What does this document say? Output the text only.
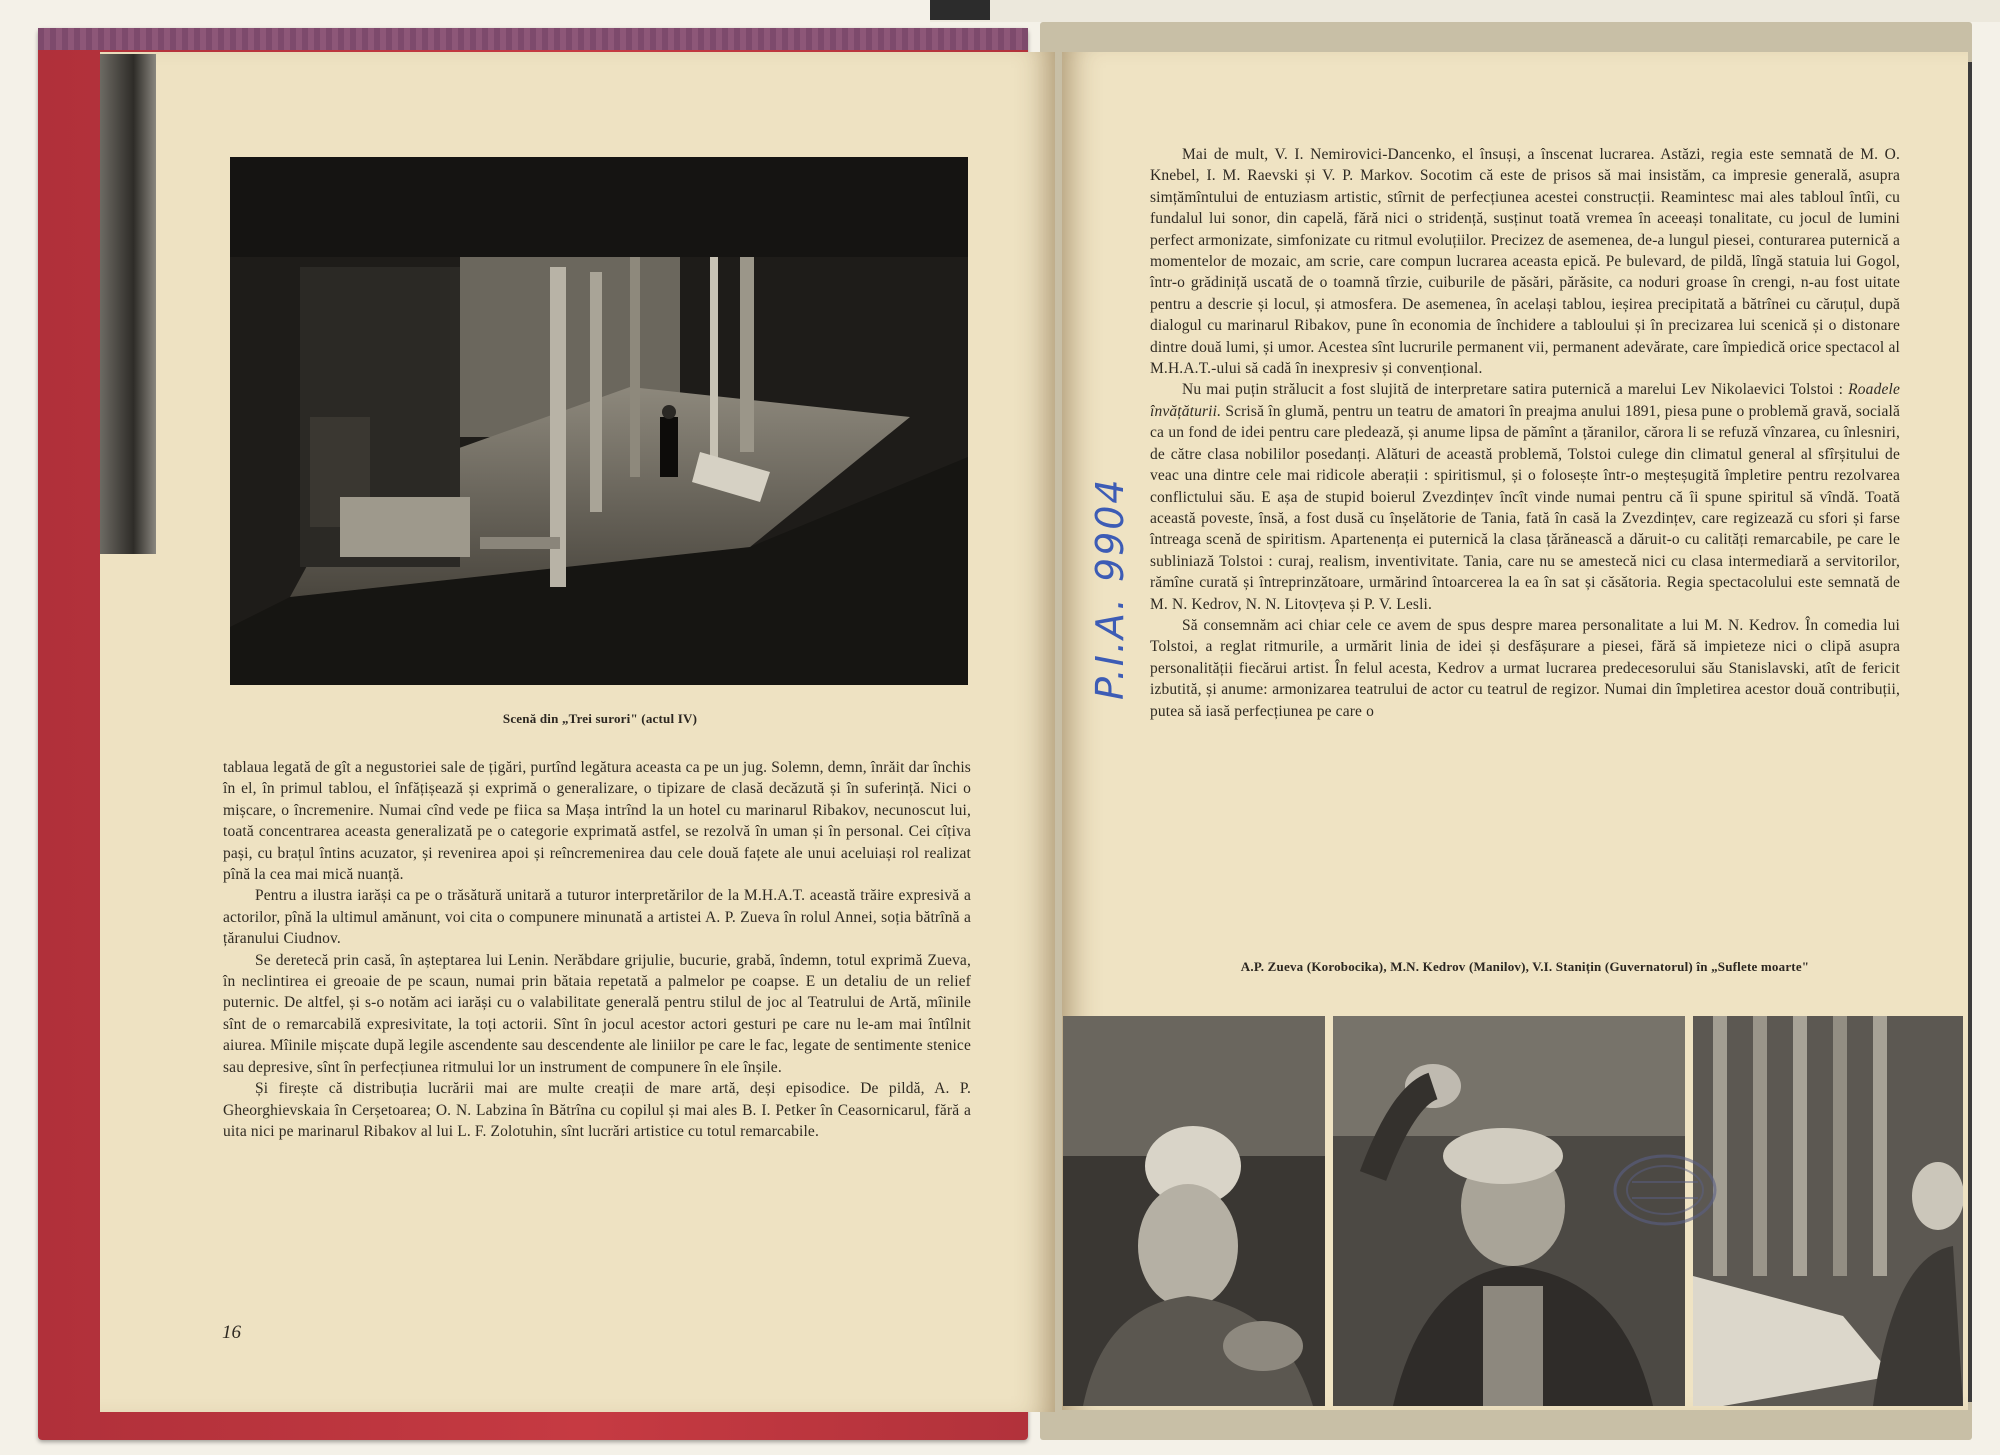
Scenă din „Trei surori" (actul IV)

tablaua legată de gît a negustoriei sale de țigări, purtînd legătura aceasta ca pe un jug. Solemn, demn, înrăit dar închis în el, în primul tablou, el înfățișează și exprimă o generalizare, o tipizare de clasă decăzută și în suferință. Nici o mișcare, o încremenire. Numai cînd vede pe fiica sa Mașa intrînd la un hotel cu marinarul Ribakov, necunoscut lui, toată concentrarea aceasta generalizată pe o categorie exprimată astfel, se rezolvă în uman și în personal. Cei cîțiva pași, cu brațul întins acuzator, și revenirea apoi și reîncremenirea dau cele două fațete ale unui aceluiași rol realizat pînă la cea mai mică nuanță.

Pentru a ilustra iarăși ca pe o trăsătură unitară a tuturor interpretărilor de la M.H.A.T. această trăire expresivă a actorilor, pînă la ultimul amănunt, voi cita o compunere minunată a artistei A. P. Zueva în rolul Annei, soția bătrînă a țăranului Ciudnov.

Se deretecă prin casă, în așteptarea lui Lenin. Nerăbdare grijulie, bucurie, grabă, îndemn, totul exprimă Zueva, în neclintirea ei greoaie de pe scaun, numai prin bătaia repetată a palmelor pe coapse. E un detaliu de un relief puternic. De altfel, și s-o notăm aci iarăși cu o valabilitate generală pentru stilul de joc al Teatrului de Artă, mîinile sînt de o remarcabilă expresivitate, la toți actorii. Sînt în jocul acestor actori gesturi pe care nu le-am mai întîlnit aiurea. Mîinile mișcate după legile ascendente sau descendente ale liniilor pe care le fac, legate de sentimente stenice sau depresive, sînt în perfecțiunea ritmului lor un instrument de compunere în ele înșile.

Și firește că distribuția lucrării mai are multe creații de mare artă, deși episodice. De pildă, A. P. Gheorghievskaia în Cerșetoarea; O. N. Labzina în Bătrîna cu copilul și mai ales B. I. Petker în Ceasornicarul, fără a uita nici pe marinarul Ribakov al lui L. F. Zolotuhin, sînt lucrări artistice cu totul remarcabile.

16

Mai de mult, V. I. Nemirovici-Dancenko, el însuși, a înscenat lucrarea. Astăzi, regia este semnată de M. O. Knebel, I. M. Raevski și V. P. Markov. Socotim că este de prisos să mai insistăm, ca impresie generală, asupra simțămîntului de entuziasm artistic, stîrnit de perfecțiunea acestei construcții. Reamintesc mai ales tabloul întîi, cu fundalul lui sonor, din capelă, fără nici o stridență, susținut toată vremea în aceeași tonalitate, cu jocul de lumini perfect armonizate, simfonizate cu ritmul evoluțiilor. Precizez de asemenea, de-a lungul piesei, conturarea puternică a momentelor de mozaic, am scrie, care compun lucrarea aceasta epică. Pe bulevard, de pildă, lîngă statuia lui Gogol, într-o grădiniță uscată de o toamnă tîrzie, cuiburile de păsări, părăsite, ca noduri groase în crengi, n-au fost uitate pentru a descrie și locul, și atmosfera. De asemenea, în același tablou, ieșirea precipitată a bătrînei cu căruțul, după dialogul cu marinarul Ribakov, pune în economia de închidere a tabloului și în precizarea lui scenică și o distonare dintre două lumi, și umor. Acestea sînt lucrurile permanent vii, permanent adevărate, care împiedică orice spectacol al M.H.A.T.-ului să cadă în inexpresiv și convențional.

Nu mai puțin strălucit a fost slujită de interpretare satira puternică a marelui Lev Nikolaevici Tolstoi : Roadele învățăturii. Scrisă în glumă, pentru un teatru de amatori în preajma anului 1891, piesa pune o problemă gravă, socială ca un fond de idei pentru care pledează, și anume lipsa de pămînt a țăranilor, cărora li se refuză vînzarea, cu înlesniri, de către clasa nobililor posedanți. Alături de această problemă, Tolstoi culege din climatul general al sfîrșitului de veac una dintre cele mai ridicole aberații : spiritismul, și o folosește într-o meșteșugită împletire pentru rezolvarea conflictului său. E așa de stupid boierul Zvezdințev încît vinde numai pentru că îi spune spiritul să vîndă. Toată această poveste, însă, a fost dusă cu înșelătorie de Tania, fată în casă la Zvezdințev, care regizează cu sfori și farse întreaga scenă de spiritism. Apartenența ei puternică la clasa țărănească a dăruit-o cu calități remarcabile, pe care le subliniază Tolstoi : curaj, realism, inventivitate. Tania, care nu se amestecă nici cu clasa intermediară a servitorilor, rămîne curată și întreprinzătoare, urmărind întoarcerea la ea în sat și căsătoria. Regia spectacolului este semnată de M. N. Kedrov, N. N. Litovțeva și P. V. Lesli.

Să consemnăm aci chiar cele ce avem de spus despre marea personalitate a lui M. N. Kedrov. În comedia lui Tolstoi, a reglat ritmurile, a urmărit linia de idei și desfășurare a piesei, fără să impieteze nici o clipă asupra personalității fiecărui artist. În felul acesta, Kedrov a urmat lucrarea predecesorului său Stanislavski, atît de fericit izbutită, și anume: armonizarea teatrului de actor cu teatrul de regizor. Numai din împletirea acestor două contribuții, putea să iasă perfecțiunea pe care o

P.I.A. 9904
A.P. Zueva (Korobocika), M.N. Kedrov (Manilov), V.I. Stanițin (Guvernatorul) în „Suflete moarte"
